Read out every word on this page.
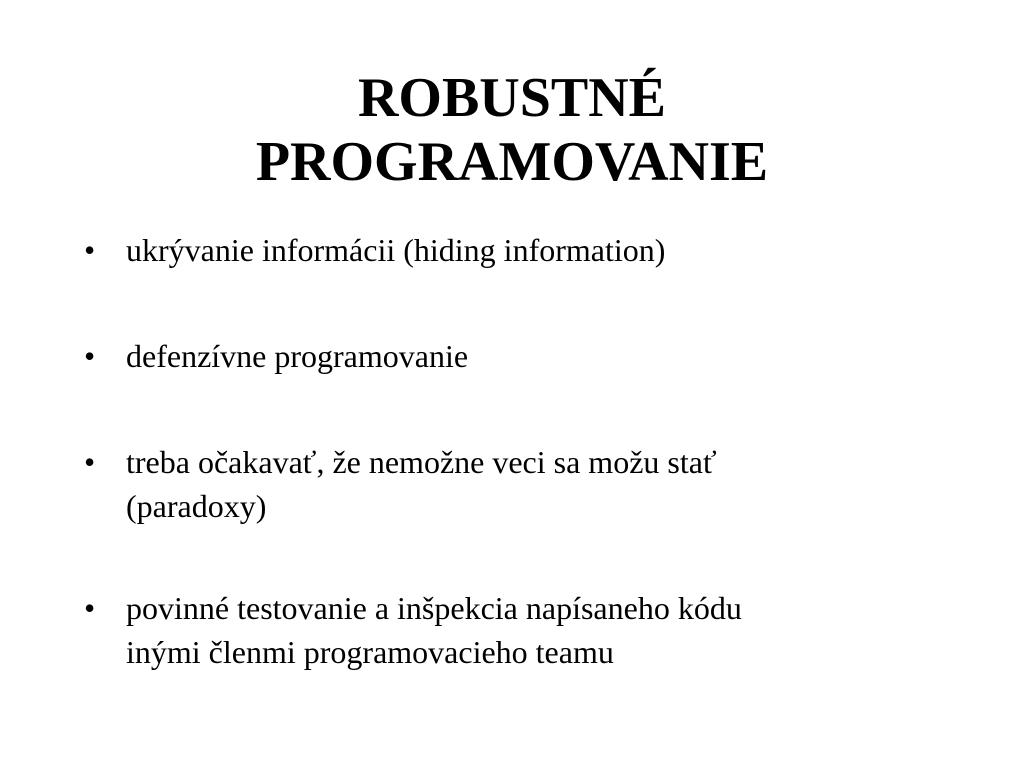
ROBUSTNÉ
PROGRAMOVANIE
• ukrývanie informácii (hiding information)
• defenzívne programovanie
• treba očakavať, že nemožne veci sa možu stať
(paradoxy)
• povinné testovanie a inšpekcia napísaneho kódu
inými členmi programovacieho teamu
